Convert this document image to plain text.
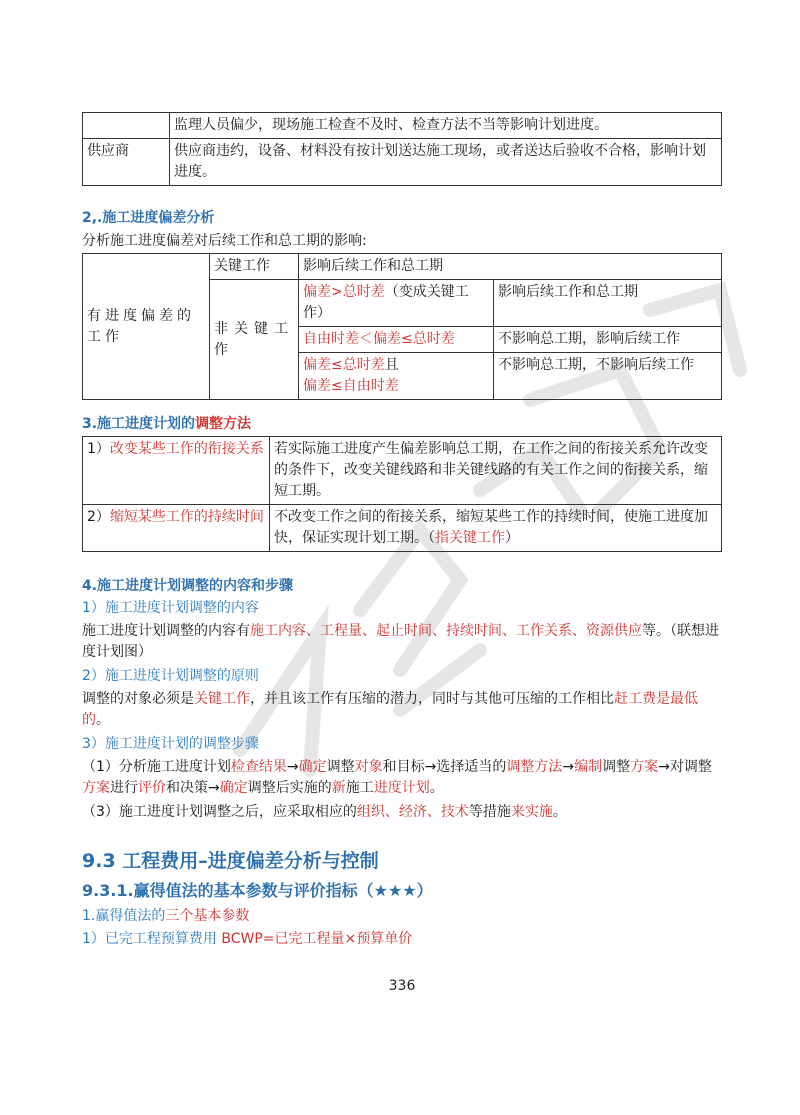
	监理人员偏少，现场施工检查不及时、检查方法不当等影响计划进度。
供应商	供应商违约，设备、材料没有按计划送达施工现场，或者送达后验收不合格，影响计划进度。
2,.施工进度偏差分析
分析施工进度偏差对后续工作和总工期的影响:
有进度偏差的工作	关键工作	影响后续工作和总工期	
	非关键工作	偏差>总时差（变成关键工作）	影响后续工作和总工期
		自由时差＜偏差≤总时差	不影响总工期，影响后续工作
		偏差≤总时差且
偏差≤自由时差	不影响总工期，不影响后续工作
3.施工进度计划的调整方法
1）改变某些工作的衔接关系	若实际施工进度产生偏差影响总工期，在工作之间的衔接关系允许改变的条件下，改变关键线路和非关键线路的有关工作之间的衔接关系，缩短工期。
2）缩短某些工作的持续时间	不改变工作之间的衔接关系，缩短某些工作的持续时间，使施工进度加快，保证实现计划工期。（指关键工作）
4.施工进度计划调整的内容和步骤
1）施工进度计划调整的内容
施工进度计划调整的内容有施工内容、工程量、起止时间、持续时间、工作关系、资源供应等。（联想进度计划图）
2）施工进度计划调整的原则
调整的对象必须是关键工作，并且该工作有压缩的潜力，同时与其他可压缩的工作相比赶工费是最低的。
3）施工进度计划的调整步骤
（1）分析施工进度计划检查结果→确定调整对象和目标→选择适当的调整方法→编制调整方案→对调整方案进行评价和决策→确定调整后实施的新施工进度计划。
（3）施工进度计划调整之后，应采取相应的组织、经济、技术等措施来实施。
9.3 工程费用–进度偏差分析与控制
9.3.1.赢得值法的基本参数与评价指标（★★★）
1.赢得值法的三个基本参数
1）已完工程预算费用 BCWP=已完工程量×预算单价
336
